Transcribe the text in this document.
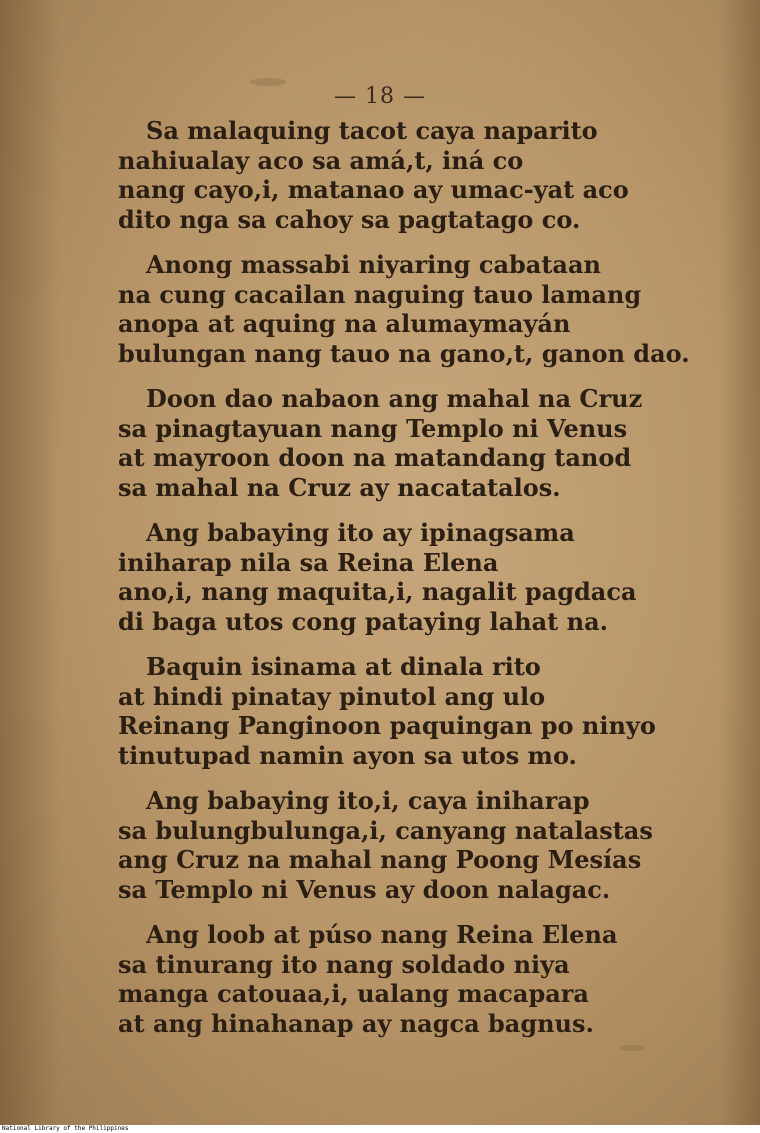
— 18 —
Sa malaquing tacot caya naparito
nahiualay aco sa amá,t, iná co
nang cayo,i, matanao ay umac-yat aco
dito nga sa cahoy sa pagtatago co.
Anong massabi niyaring cabataan
na cung cacailan naguing tauo lamang
anopa at aquing na alumaymayán
bulungan nang tauo na gano,t, ganon dao.
Doon dao nabaon ang mahal na Cruz
sa pinagtayuan nang Templo ni Venus
at mayroon doon na matandang tanod
sa mahal na Cruz ay nacatatalos.
Ang babaying ito ay ipinagsama
iniharap nila sa Reina Elena
ano,i, nang maquita,i, nagalit pagdaca
di baga utos cong pataying lahat na.
Baquin isinama at dinala rito
at hindi pinatay pinutol ang ulo
Reinang Panginoon paquingan po ninyo
tinutupad namin ayon sa utos mo.
Ang babaying ito,i, caya iniharap
sa bulungbulunga,i, canyang natalastas
ang Cruz na mahal nang Poong Mesías
sa Templo ni Venus ay doon nalagac.
Ang loob at púso nang Reina Elena
sa tinurang ito nang soldado niya
manga catouaa,i, ualang macapara
at ang hinahanap ay nagca bagnus.
National Library of the Philippines
